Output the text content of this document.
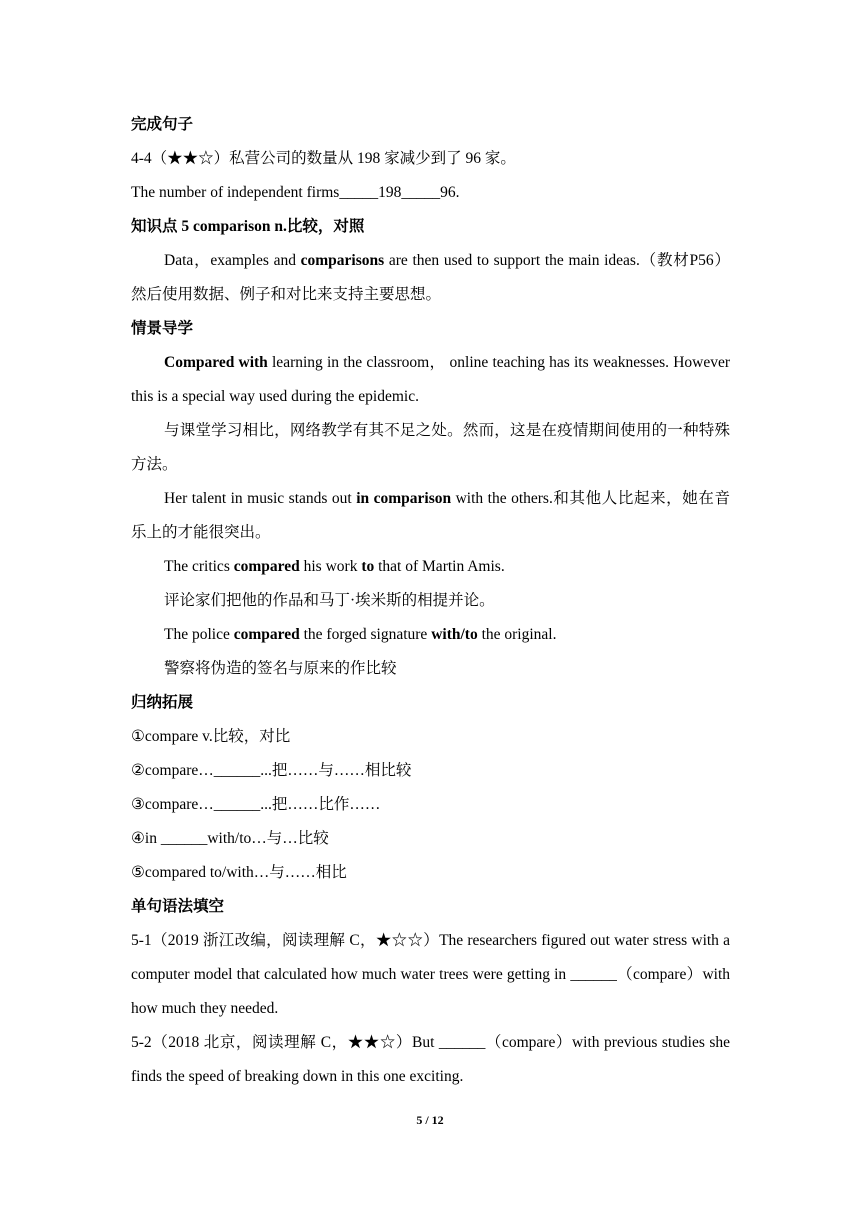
完成句子
4-4（★★☆）私营公司的数量从 198 家减少到了 96 家。
The number of independent firms_____198_____96.
知识点 5 comparison n.比较，对照
Data，examples and comparisons are then used to support the main ideas.（教材P56）然后使用数据、例子和对比来支持主要思想。
情景导学
Compared with learning in the classroom， online teaching has its weaknesses. However this is a special way used during the epidemic.
与课堂学习相比，网络教学有其不足之处。然而，这是在疫情期间使用的一种特殊方法。
Her talent in music stands out in comparison with the others.和其他人比起来，她在音乐上的才能很突出。
The critics compared his work to that of Martin Amis.
评论家们把他的作品和马丁·埃米斯的相提并论。
The police compared the forged signature with/to the original.
警察将伪造的签名与原来的作比较
归纳拓展
①compare v.比较，对比
②compare…______...把……与……相比较
③compare…______...把……比作……
④in ______with/to…与…比较
⑤compared to/with…与……相比
单句语法填空
5-1（2019 浙江改编，阅读理解 C，★☆☆）The researchers figured out water stress with a computer model that calculated how much water trees were getting in ______（compare）with how much they needed.
5-2（2018 北京，阅读理解 C，★★☆）But ______（compare）with previous studies she finds the speed of breaking down in this one exciting.
5 / 12
